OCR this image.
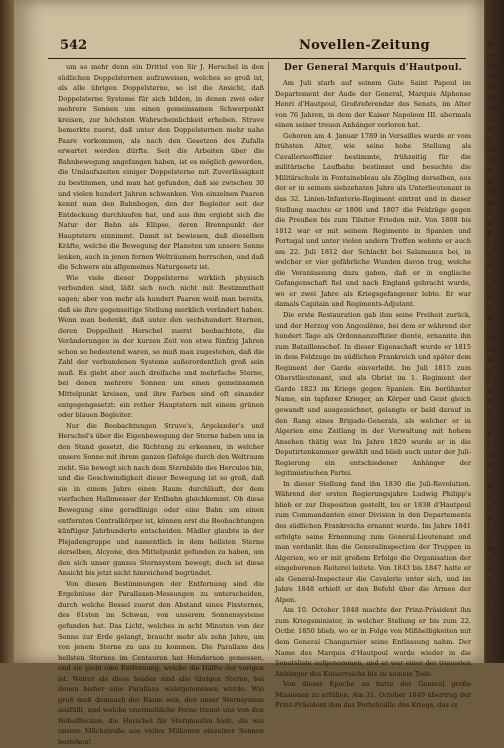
542	Novellen-Zeitung

um so mehr denn ein Drittel von Sir J. Herschel in den südlichen Doppelsternen aufzuweisen, welches so groß ist, als alle übrigen Doppelsterne, so ist die Ansicht, daß Doppelsterne Systeme für sich bilden, in denen zwei oder mehrere Sonnen um einen gemeinsamen Schwerpunkt kreisen, zur höchsten Wahrscheinlichkeit erhoben. Struve bemerkte zuerst, daß unter den Doppelsternen mehr nahe Paare vorkommen, als nach den Gesetzen des Zufalls erwartet werden dürfte. Seit die Arbeiten über die Bahnbewegung angefangen haben, ist es möglich geworden, die Umlaufszeiten einiger Doppelsterne mit Zuverlässigkeit zu bestimmen, und man hat gefunden, daß sie zwischen 30 und vielen hundert Jahren schwanken. Von einzelnen Paaren kennt man den Bahnbogen, den der Begleiter seit der Entdeckung durchlaufen hat, und aus ihm ergiebt sich die Natur der Bahn als Ellipse, deren Brennpunkt der Hauptstern einnimmt. Damit ist bewiesen, daß dieselben Kräfte, welche die Bewegung der Planeten um unsere Sonne lenken, auch in jenen fernen Welträumen herrschen, und daß die Schwere ein allgemeines Naturgesetz ist.

Wie viele dieser Doppelsterne wirklich physisch verbunden sind, läßt sich noch nicht mit Bestimmtheit sagen; aber von mehr als hundert Paaren weiß man bereits, daß sie ihre gegenseitige Stellung merklich verändert haben. Wenn man bedenkt, daß unter den sechshundert Sternen, deren Doppelheit Herschel zuerst beobachtete, die Veränderungen in der kurzen Zeit von etwa fünfzig Jahren schon so bedeutend waren, so muß man zugestehen, daß die Zahl der verbundenen Systeme außerordentlich groß sein muß. Es giebt aber auch dreifache und mehrfache Sterne, bei denen mehrere Sonnen um einen gemeinsamen Mittelpunkt kreisen, und ihre Farben sind oft einander entgegengesetzt: ein rother Hauptstern mit einem grünen oder blauen Begleiter.

Nur die Beobachtungen Struve's, Argelander's und Herschel's über die Eigenbewegung der Sterne haben uns in den Stand gesetzt, die Richtung zu erkennen, in welcher unsere Sonne mit ihrem ganzen Gefolge durch den Weltraum zieht. Sie bewegt sich nach dem Sternbilde des Hercules hin, und die Geschwindigkeit dieser Bewegung ist so groß, daß sie in einem Jahre einen Raum durchläuft, der dem vierfachen Halbmesser der Erdbahn gleichkommt. Ob diese Bewegung eine geradlinige oder eine Bahn um einen entfernten Centralkörper ist, können erst die Beobachtungen künftiger Jahrhunderte entscheiden. Mädler glaubte in der Plejadengruppe und namentlich in dem hellsten Sterne derselben, Alcyone, den Mittelpunkt gefunden zu haben, um den sich unser ganzes Sternsystem bewegt; doch ist diese Ansicht bis jetzt nicht hinreichend begründet.

Von diesen Bestimmungen der Entfernung sind die Ergebnisse der Parallaxen-Messungen zu unterscheiden, durch welche Bessel zuerst den Abstand eines Fixsternes, des 61sten im Schwan, von unserem Sonnensysteme gefunden hat. Das Licht, welches in acht Minuten von der Sonne zur Erde gelangt, braucht mehr als zehn Jahre, um von jenem Sterne zu uns zu kommen. Die Parallaxe des hellsten Sternes im Centauren hat Henderson gemessen, und sie giebt eine Entfernung, welche die Hälfte der vorigen ist. Weiter als diese beiden sind alle übrigen Sterne, bei denen bisher eine Parallaxe wahrgenommen wurde. Wie groß muß demnach der Raum sein, den unser Sternsystem ausfüllt, und welche unermeßliche Ferne trennt uns von den Nebelflecken, die Herschel für Sternhaufen hielt, die wie unsere Milchstraße aus vielen Millionen einzelner Sonnen bestehen!

Der General Marquis d'Hautpoul.

Am Juli starb auf seinem Gute Saint Papoul im Departement der Aude der General, Marquis Alphonse Henri d'Hautpoul, Großreferendar des Senats, im Alter von 76 Jahren, in dem der Kaiser Napoleon III. abermals einen seiner treuen Anhänger verloren hat.

Geboren am 4. Januar 1789 in Versailles wurde er vom frühsten Alter, wie seine hohe Stellung als Cavallerieoffizier bestimmte, frühzeitig für die militärische Laufbahn bestimmt und besuchte die Militärschule in Fontainebleau als Zögling derselben, aus der er in seinem siebzehnten Jahre als Unterlieutenant in das 32. Linien-Infanterie-Regiment eintrat und in dieser Stellung machte er 1806 und 1807 die Feldzüge gegen die Preußen bis zum Tilsiter Frieden mit. Von 1808 bis 1812 war er mit seinem Regimente in Spanien und Portugal und unter vielen andern Treffen wohnte er auch am 22. Juli 1812 der Schlacht bei Salamanca bei, in welcher er vier gefährliche Wunden davon trug, welche die Veranlassung dazu gaben, daß er in englische Gefangenschaft fiel und nach England gebracht wurde, wo er zwei Jahre als Kriegsgefangener lebte. Er war damals Capitain und Regiments-Adjutant.

Die erste Restauration gab ihm seine Freiheit zurück, und der Herzog von Angoulême, bei dem er während der hundert Tage als Ordonnanzoffizier diente, ernannte ihn zum Bataillonschef. In dieser Eigenschaft wurde er 1815 in dem Feldzuge im südlichen Frankreich und später dem Regiment der Garde einverleibt. Im Juli 1815 zum Oberstlieutenant, und als Obrist im 1. Regiment der Garde 1823 im Kriege gegen Spanien. Ein berühmter Name, ein tapferer Krieger, an Körper und Geist gleich gewandt und ausgezeichnet, gelangte er bald darauf in den Rang eines Brigade-Generals, als welcher er in Algerien eine Zeitlang in der Verwaltung mit hohem Ansehen thätig war. Im Jahre 1829 wurde er in die Deputirtenkammer gewählt und blieb auch unter der Juli-Regierung ein entschiedener Anhänger der legitimistischen Partei.

In dieser Stellung fand ihn 1830 die Juli-Revolution. Während der ersten Regierungsjahre Ludwig Philipp's blieb er zur Disposition gestellt, bis er 1838 d'Hautpoul zum Commandanten einer Division in den Departements des südlichen Frankreichs ernannt wurde. Im Jahre 1841 erfolgte seine Ernennung zum General-Lieutenant und man verdankt ihm die Generalinspection der Truppen in Algerien, wo er mit großem Erfolge die Organisation der eingeborenen Reiterei leitete. Von 1843 bis 1847 hatte er als General-Inspecteur die Cavalerie unter sich, und im Jahre 1848 erhielt er den Befehl über die Armee der Alpen.

Am 10. October 1848 machte der Prinz-Präsident ihn zum Kriegsminister, in welcher Stellung er bis zum 22. Octbr. 1850 blieb, wo er in Folge von Mißhelligkeiten mit dem General Changarnier seine Entlassung nahm. Der Name des Marquis d'Hautpoul wurde wieder in die Senatsliste aufgenommen, und er war einer der treuesten Anhänger des Kaiserreichs bis zu seinem Tode.

Von dieser Epoche an hatte der General große Missionen zu erfüllen. Am 31. October 1849 übertrug der Prinz-Präsident ihm das Portefeuille des Kriegs, das er

H
ec
bor
Ste
de
ha
mu
g
ei
li
he
m
fi
w
Re
m
d
fr
P
v
u
d
s
z
si
d
m
g
ei
se
w
d
t
w
A
n
r
z
t
se
b
s
w
n
d
a
f
d
m
a
e
d
g
f
c
